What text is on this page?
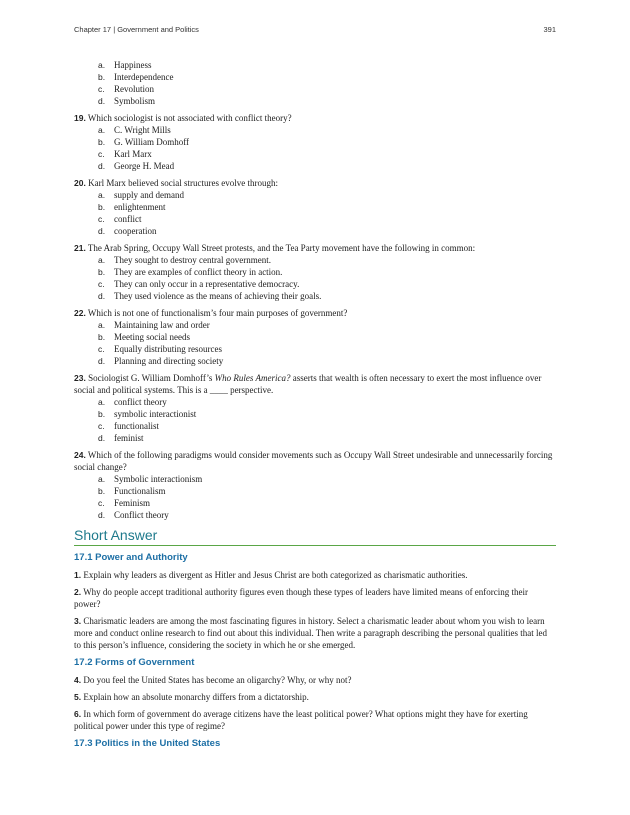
Chapter 17 | Government and Politics	391
a. Happiness
b. Interdependence
c. Revolution
d. Symbolism

19. Which sociologist is not associated with conflict theory?

a. C. Wright Mills
b. G. William Domhoff
c. Karl Marx
d. George H. Mead

20. Karl Marx believed social structures evolve through:

a. supply and demand
b. enlightenment
c. conflict
d. cooperation

21. The Arab Spring, Occupy Wall Street protests, and the Tea Party movement have the following in common:

a. They sought to destroy central government.
b. They are examples of conflict theory in action.
c. They can only occur in a representative democracy.
d. They used violence as the means of achieving their goals.

22. Which is not one of functionalism’s four main purposes of government?

a. Maintaining law and order
b. Meeting social needs
c. Equally distributing resources
d. Planning and directing society

23. Sociologist G. William Domhoff’s Who Rules America? asserts that wealth is often necessary to exert the most influence over social and political systems. This is a ____ perspective.

a. conflict theory
b. symbolic interactionist
c. functionalist
d. feminist

24. Which of the following paradigms would consider movements such as Occupy Wall Street undesirable and unnecessarily forcing social change?

a. Symbolic interactionism
b. Functionalism
c. Feminism
d. Conflict theory
Short Answer
17.1 Power and Authority

1. Explain why leaders as divergent as Hitler and Jesus Christ are both categorized as charismatic authorities.

2. Why do people accept traditional authority figures even though these types of leaders have limited means of enforcing their power?

3. Charismatic leaders are among the most fascinating figures in history. Select a charismatic leader about whom you wish to learn more and conduct online research to find out about this individual. Then write a paragraph describing the personal qualities that led to this person’s influence, considering the society in which he or she emerged.

17.2 Forms of Government

4. Do you feel the United States has become an oligarchy? Why, or why not?

5. Explain how an absolute monarchy differs from a dictatorship.

6. In which form of government do average citizens have the least political power? What options might they have for exerting political power under this type of regime?

17.3 Politics in the United States
